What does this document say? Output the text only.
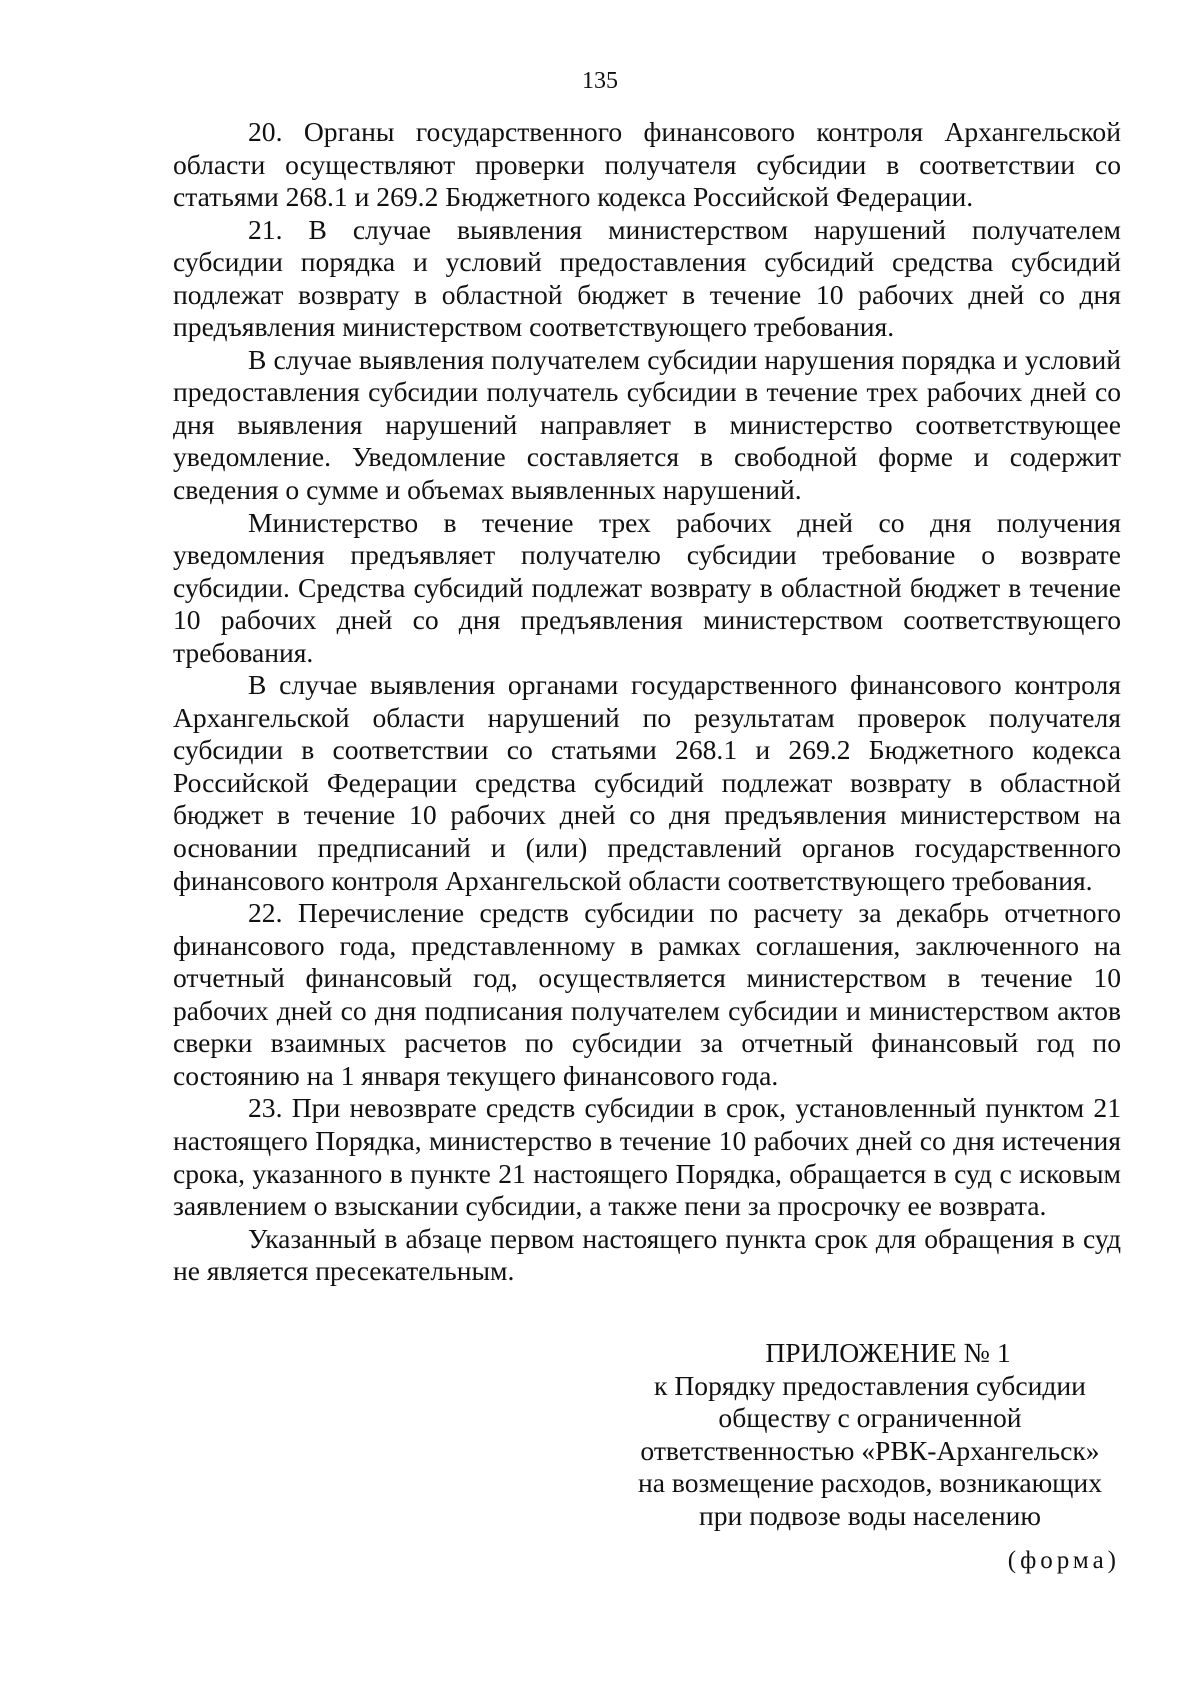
135

20. Органы государственного финансового контроля Архангельской области осуществляют проверки получателя субсидии в соответствии со статьями 268.1 и 269.2 Бюджетного кодекса Российской Федерации.

21. В случае выявления министерством нарушений получателем субсидии порядка и условий предоставления субсидий средства субсидий подлежат возврату в областной бюджет в течение 10 рабочих дней со дня предъявления министерством соответствующего требования.

В случае выявления получателем субсидии нарушения порядка и условий предоставления субсидии получатель субсидии в течение трех рабочих дней со дня выявления нарушений направляет в министерство соответствующее уведомление. Уведомление составляется в свободной форме и содержит сведения о сумме и объемах выявленных нарушений.

Министерство в течение трех рабочих дней со дня получения уведомления предъявляет получателю субсидии требование о возврате субсидии. Средства субсидий подлежат возврату в областной бюджет в течение 10 рабочих дней со дня предъявления министерством соответствующего требования.

В случае выявления органами государственного финансового контроля Архангельской области нарушений по результатам проверок получателя субсидии в соответствии со статьями 268.1 и 269.2 Бюджетного кодекса Российской Федерации средства субсидий подлежат возврату в областной бюджет в течение 10 рабочих дней со дня предъявления министерством на основании предписаний и (или) представлений органов государственного финансового контроля Архангельской области соответствующего требования.

22. Перечисление средств субсидии по расчету за декабрь отчетного финансового года, представленному в рамках соглашения, заключенного на отчетный финансовый год, осуществляется министерством в течение 10 рабочих дней со дня подписания получателем субсидии и министерством актов сверки взаимных расчетов по субсидии за отчетный финансовый год по состоянию на 1 января текущего финансового года.

23. При невозврате средств субсидии в срок, установленный пунктом 21 настоящего Порядка, министерство в течение 10 рабочих дней со дня истечения срока, указанного в пункте 21 настоящего Порядка, обращается в суд с исковым заявлением о взыскании субсидии, а также пени за просрочку ее возврата.

Указанный в абзаце первом настоящего пункта срок для обращения в суд не является пресекательным.

ПРИЛОЖЕНИЕ № 1
к Порядку предоставления субсидии
обществу с ограниченной
ответственностью «РВК-Архангельск»
на возмещение расходов, возникающих
при подвозе воды населению
(форма)
